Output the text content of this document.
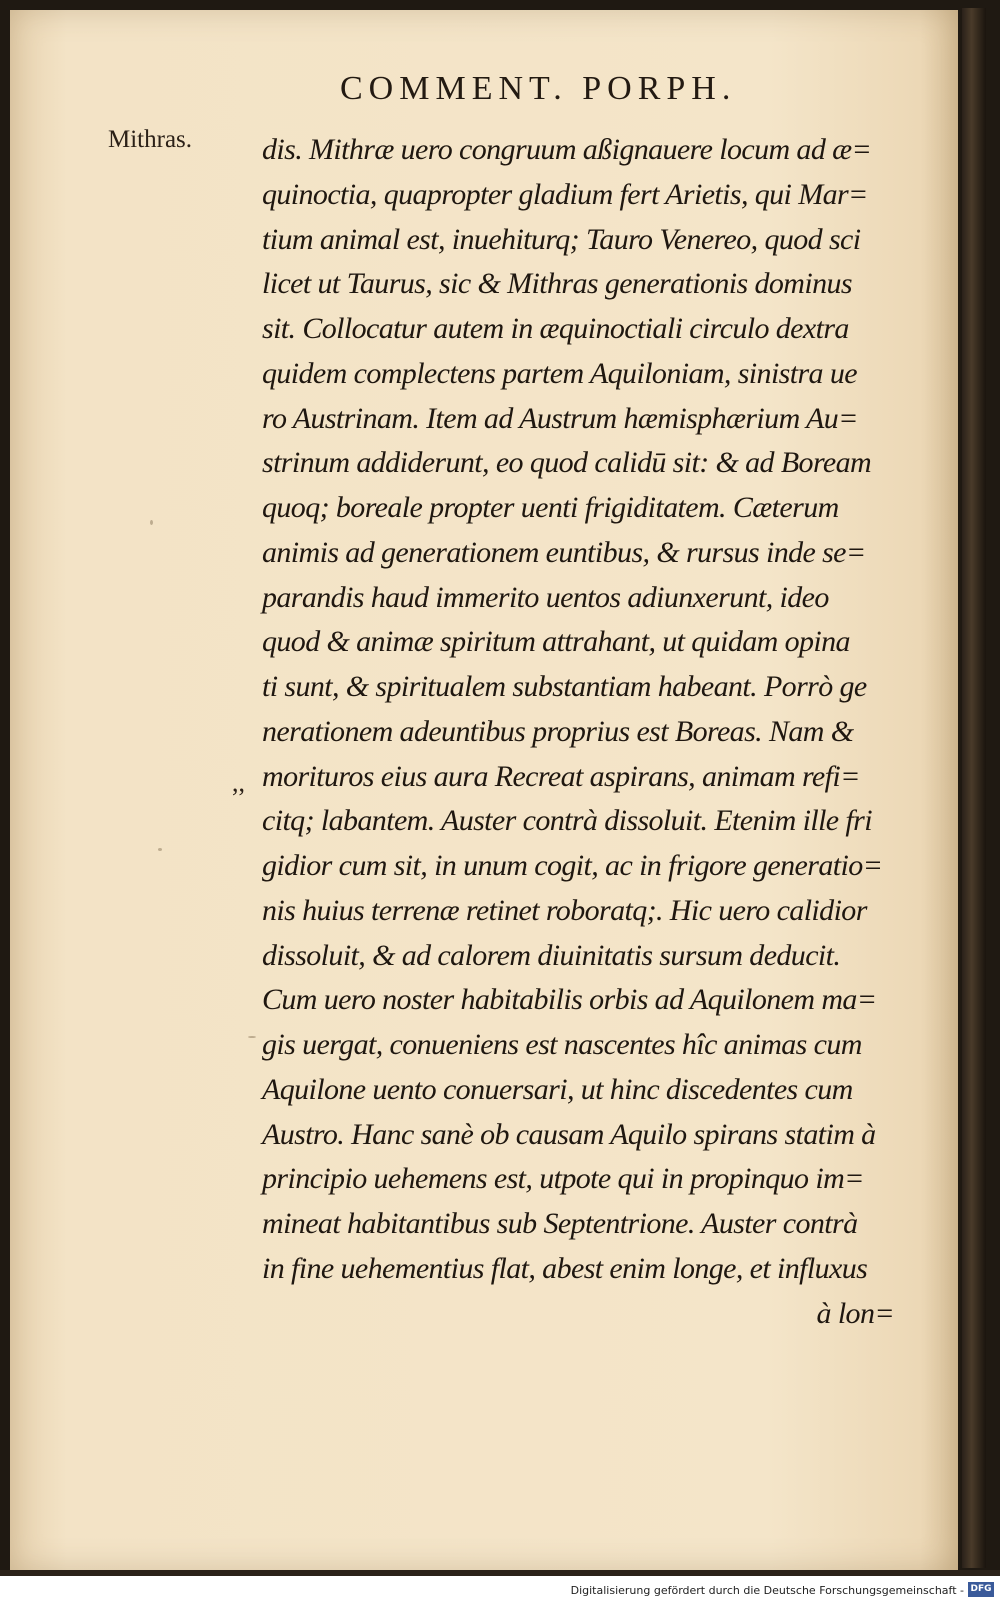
COMMENT. PORPH.
Mithras.
,,
dis. Mithræ uero congruum aßignauere locum ad æ=
quinoctia, quapropter gladium fert Arietis, qui Mar=
tium animal est, inuehiturq; Tauro Venereo, quod sci
licet ut Taurus, sic & Mithras generationis dominus
sit. Collocatur autem in æquinoctiali circulo dextra
quidem complectens partem Aquiloniam, sinistra ue
ro Austrinam. Item ad Austrum hæmisphærium Au=
strinum addiderunt, eo quod calidū sit: & ad Boream
quoq; boreale propter uenti frigiditatem. Cæterum
animis ad generationem euntibus, & rursus inde se=
parandis haud immerito uentos adiunxerunt, ideo
quod & animæ spiritum attrahant, ut quidam opina
ti sunt, & spiritualem substantiam habeant. Porrò ge
nerationem adeuntibus proprius est Boreas. Nam &
morituros eius aura Recreat aspirans, animam refi=
citq; labantem. Auster contrà dissoluit. Etenim ille fri
gidior cum sit, in unum cogit, ac in frigore generatio=
nis huius terrenæ retinet roboratq;. Hic uero calidior
dissoluit, & ad calorem diuinitatis sursum deducit.
Cum uero noster habitabilis orbis ad Aquilonem ma=
gis uergat, conueniens est nascentes hîc animas cum
Aquilone uento conuersari, ut hinc discedentes cum
Austro. Hanc sanè ob causam Aquilo spirans statim à
principio uehemens est, utpote qui in propinquo im=
mineat habitantibus sub Septentrione. Auster contrà
in fine uehementius flat, abest enim longe, et influxus
à lon=
Digitalisierung gefördert durch die Deutsche Forschungsgemeinschaft - DFG
